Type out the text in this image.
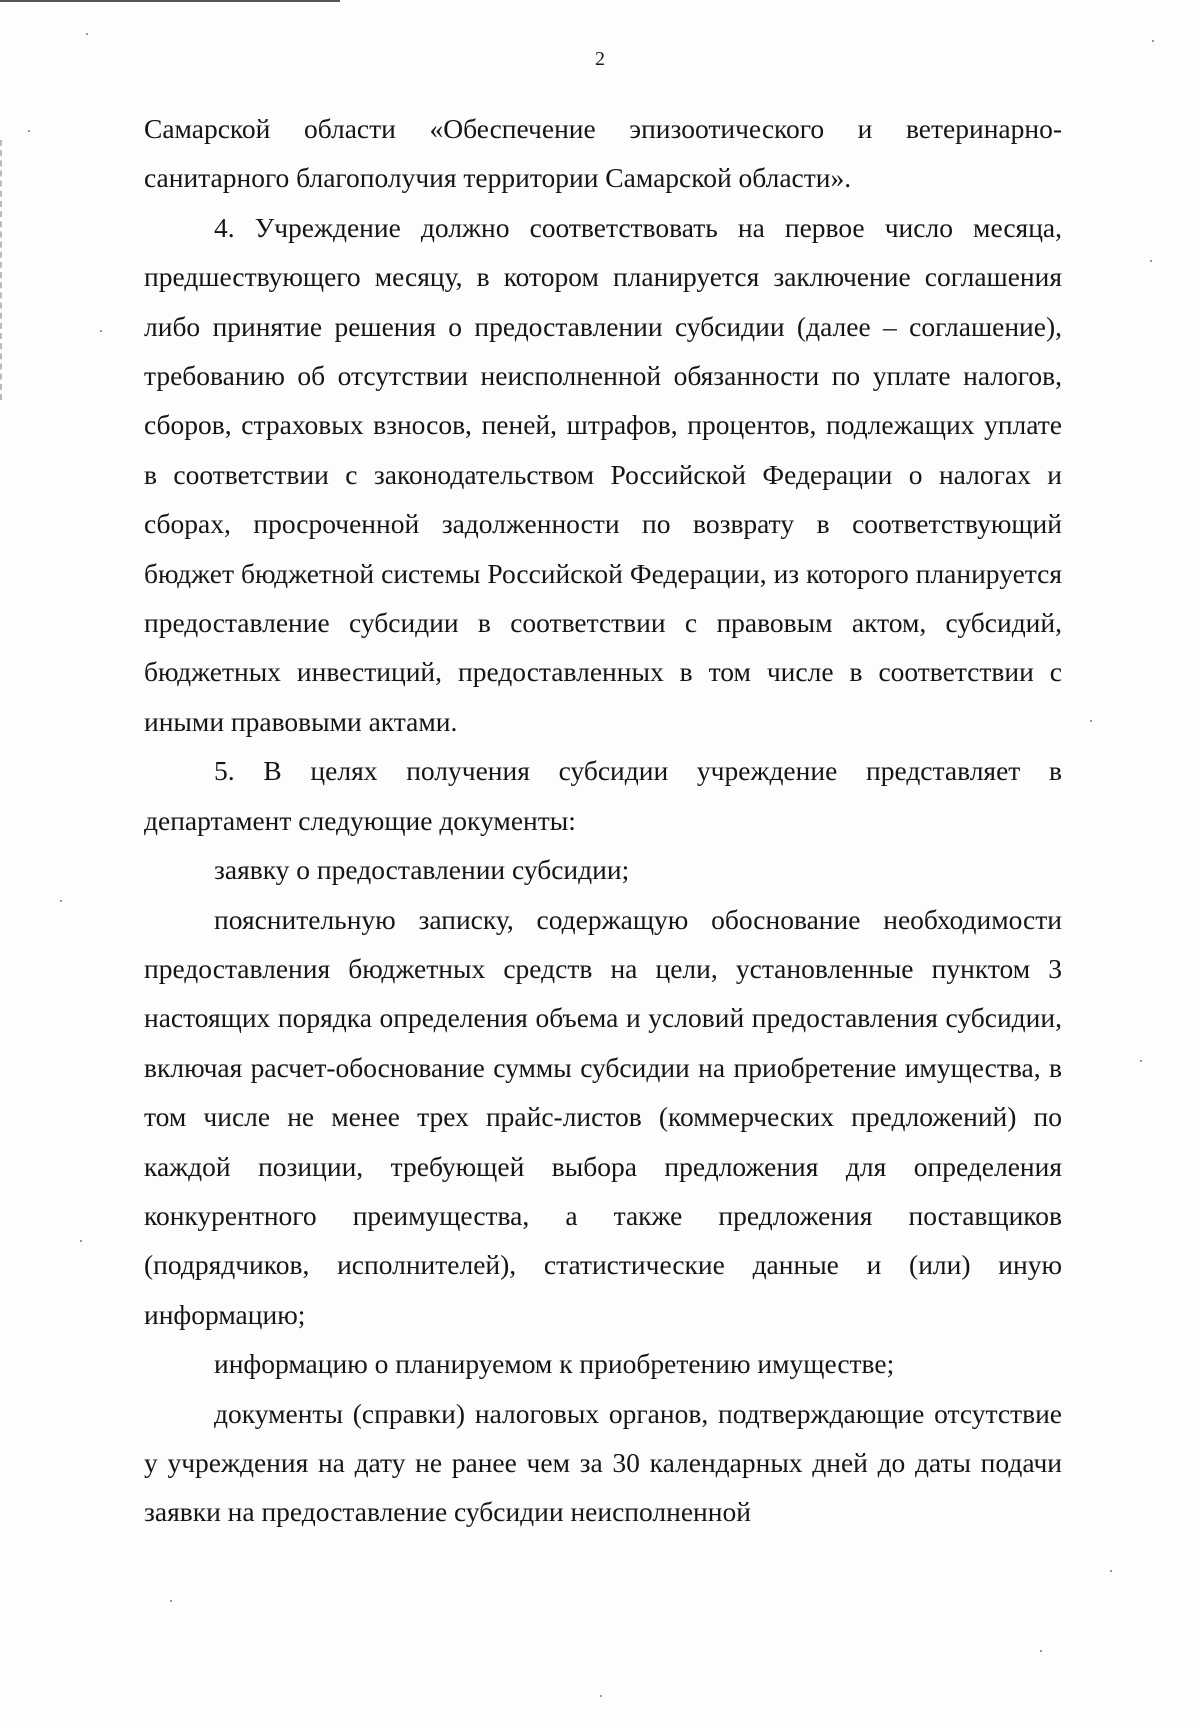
2

Самарской области «Обеспечение эпизоотического и ветеринарно-санитарного благополучия территории Самарской области».

4. Учреждение должно соответствовать на первое число месяца, предшествующего месяцу, в котором планируется заключение соглашения либо принятие решения о предоставлении субсидии (далее – соглашение), требованию об отсутствии неисполненной обязанности по уплате налогов, сборов, страховых взносов, пеней, штрафов, процентов, подлежащих уплате в соответствии с законодательством Российской Федерации о налогах и сборах, просроченной задолженности по возврату в соответствующий бюджет бюджетной системы Российской Федерации, из которого планируется предоставление субсидии в соответствии с правовым актом, субсидий, бюджетных инвестиций, предоставленных в том числе в соответствии с иными правовыми актами.

5. В целях получения субсидии учреждение представляет в департамент следующие документы:

заявку о предоставлении субсидии;

пояснительную записку, содержащую обоснование необходимости предоставления бюджетных средств на цели, установленные пунктом 3 настоящих порядка определения объема и условий предоставления субсидии, включая расчет-обоснование суммы субсидии на приобретение имущества, в том числе не менее трех прайс-листов (коммерческих предложений) по каждой позиции, требующей выбора предложения для определения конкурентного преимущества, а также предложения поставщиков (подрядчиков, исполнителей), статистические данные и (или) иную информацию;

информацию о планируемом к приобретению имуществе;

документы (справки) налоговых органов, подтверждающие отсутствие у учреждения на дату не ранее чем за 30 календарных дней до даты подачи заявки на предоставление субсидии неисполненной
